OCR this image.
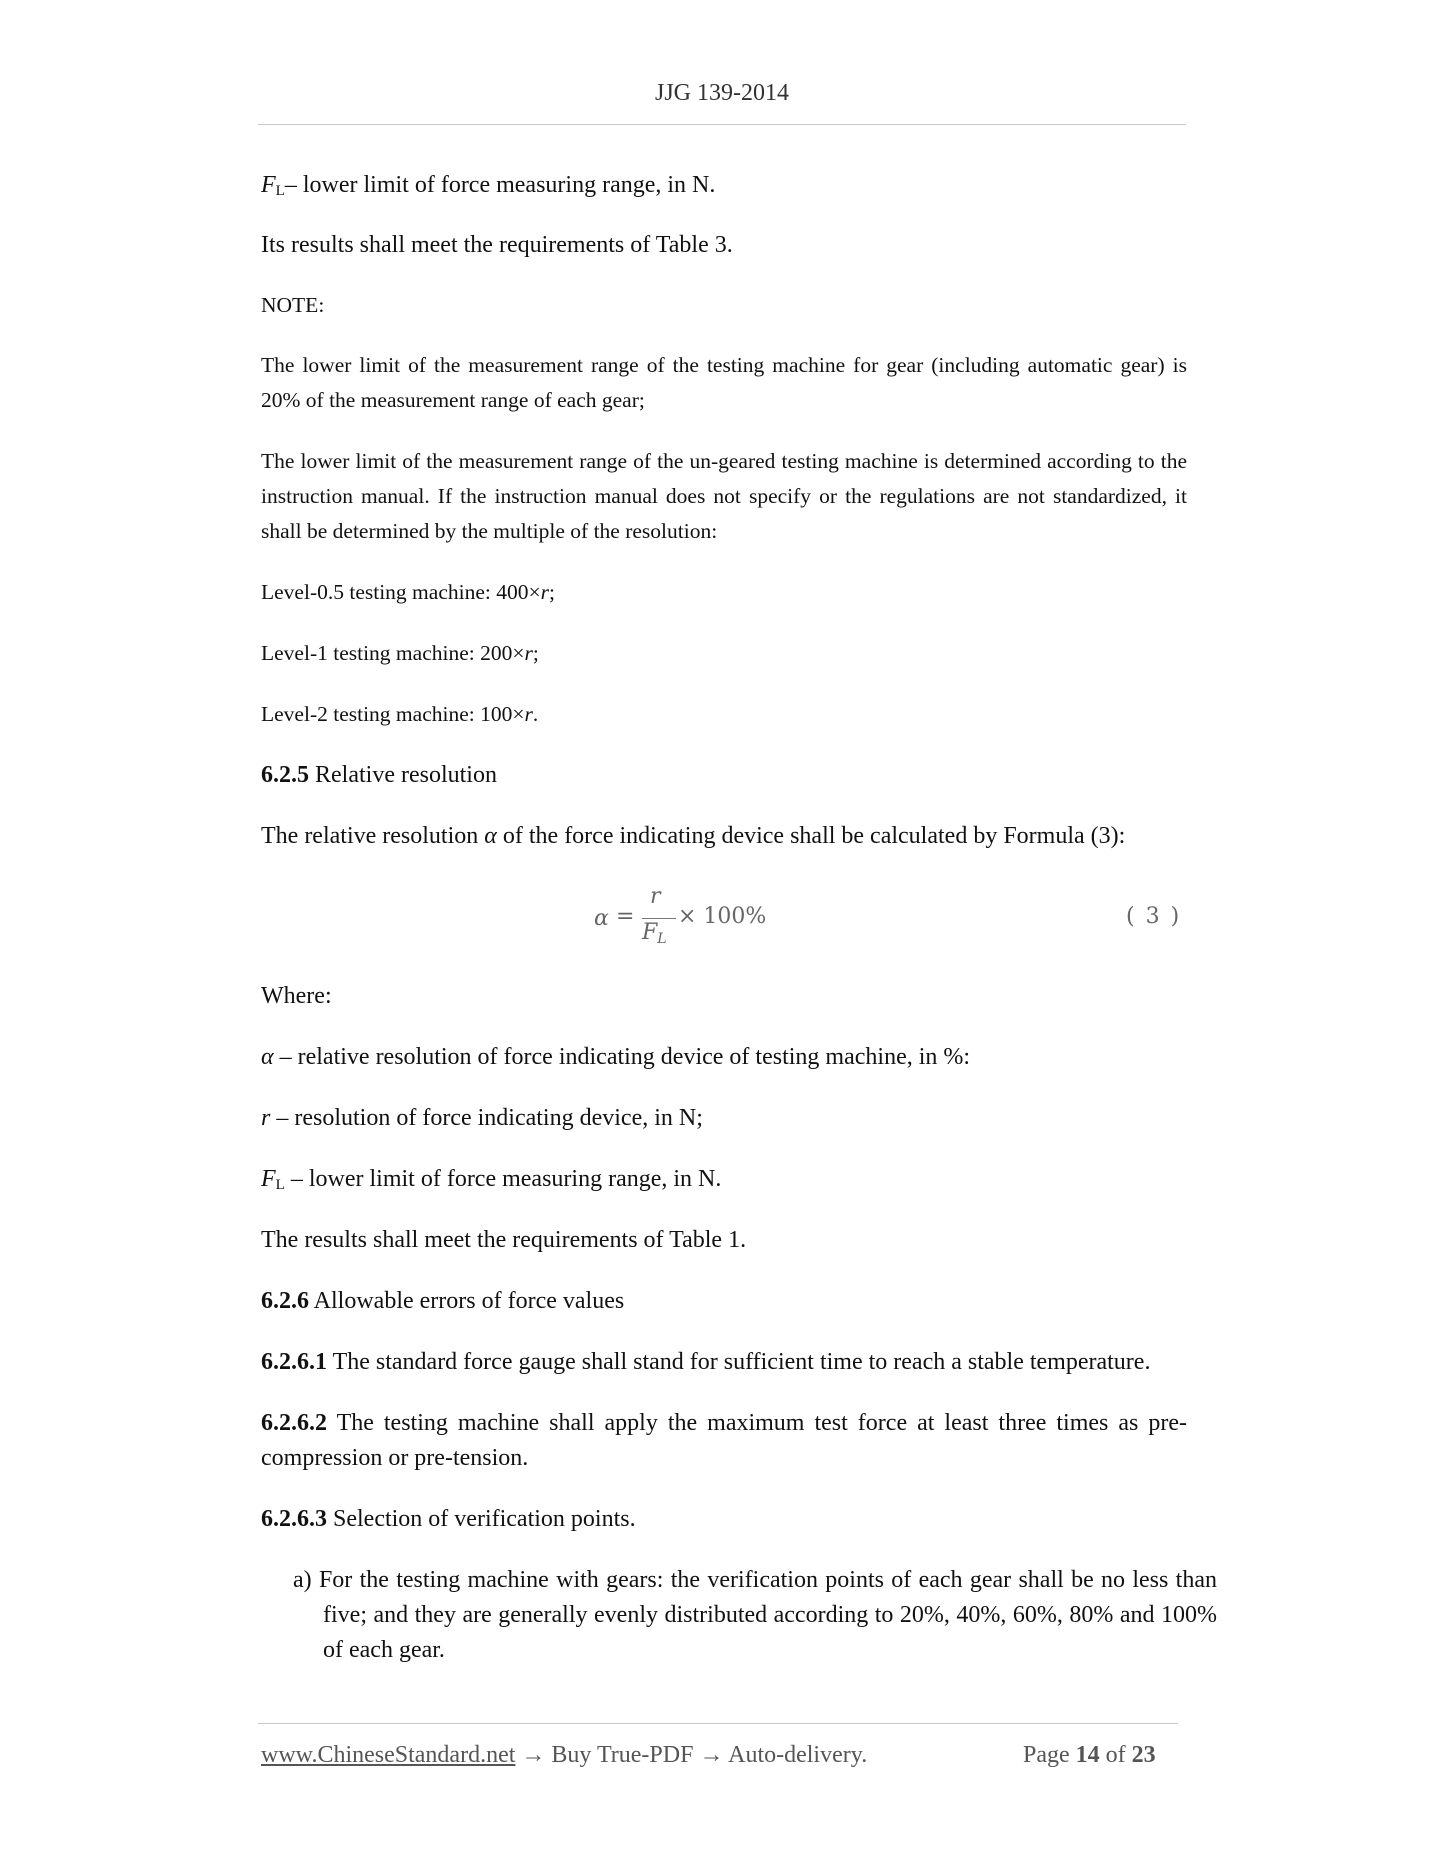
JJG 139-2014
$F_L-$ lower limit of force measuring range, in N.
Its results shall meet the requirements of Table 3.
NOTE:
The lower limit of the measurement range of the testing machine for gear (including automatic gear) is 20% of the measurement range of each gear;
The lower limit of the measurement range of the un-geared testing machine is determined according to the instruction manual. If the instruction manual does not specify or the regulations are not standardized, it shall be determined by the multiple of the resolution:
Level-0.5 testing machine: 400×r;
Level-1 testing machine: 200×r;
Level-2 testing machine: 100×r.
6.2.5 Relative resolution
The relative resolution α of the force indicating device shall be calculated by Formula (3):
α =
r
$F_L$
× 100%	( 3 )
Where:
α – relative resolution of force indicating device of testing machine, in %:
r – resolution of force indicating device, in N;
$F_L$ – lower limit of force measuring range, in N.
The results shall meet the requirements of Table 1.
6.2.6 Allowable errors of force values
6.2.6.1 The standard force gauge shall stand for sufficient time to reach a stable temperature.
6.2.6.2 The testing machine shall apply the maximum test force at least three times as pre-compression or pre-tension.
6.2.6.3 Selection of verification points.
a) For the testing machine with gears: the verification points of each gear shall be no less than five; and they are generally evenly distributed according to 20%, 40%, 60%, 80% and 100% of each gear.
www.ChineseStandard.net → Buy True-PDF → Auto-delivery.	Page 14 of 23
